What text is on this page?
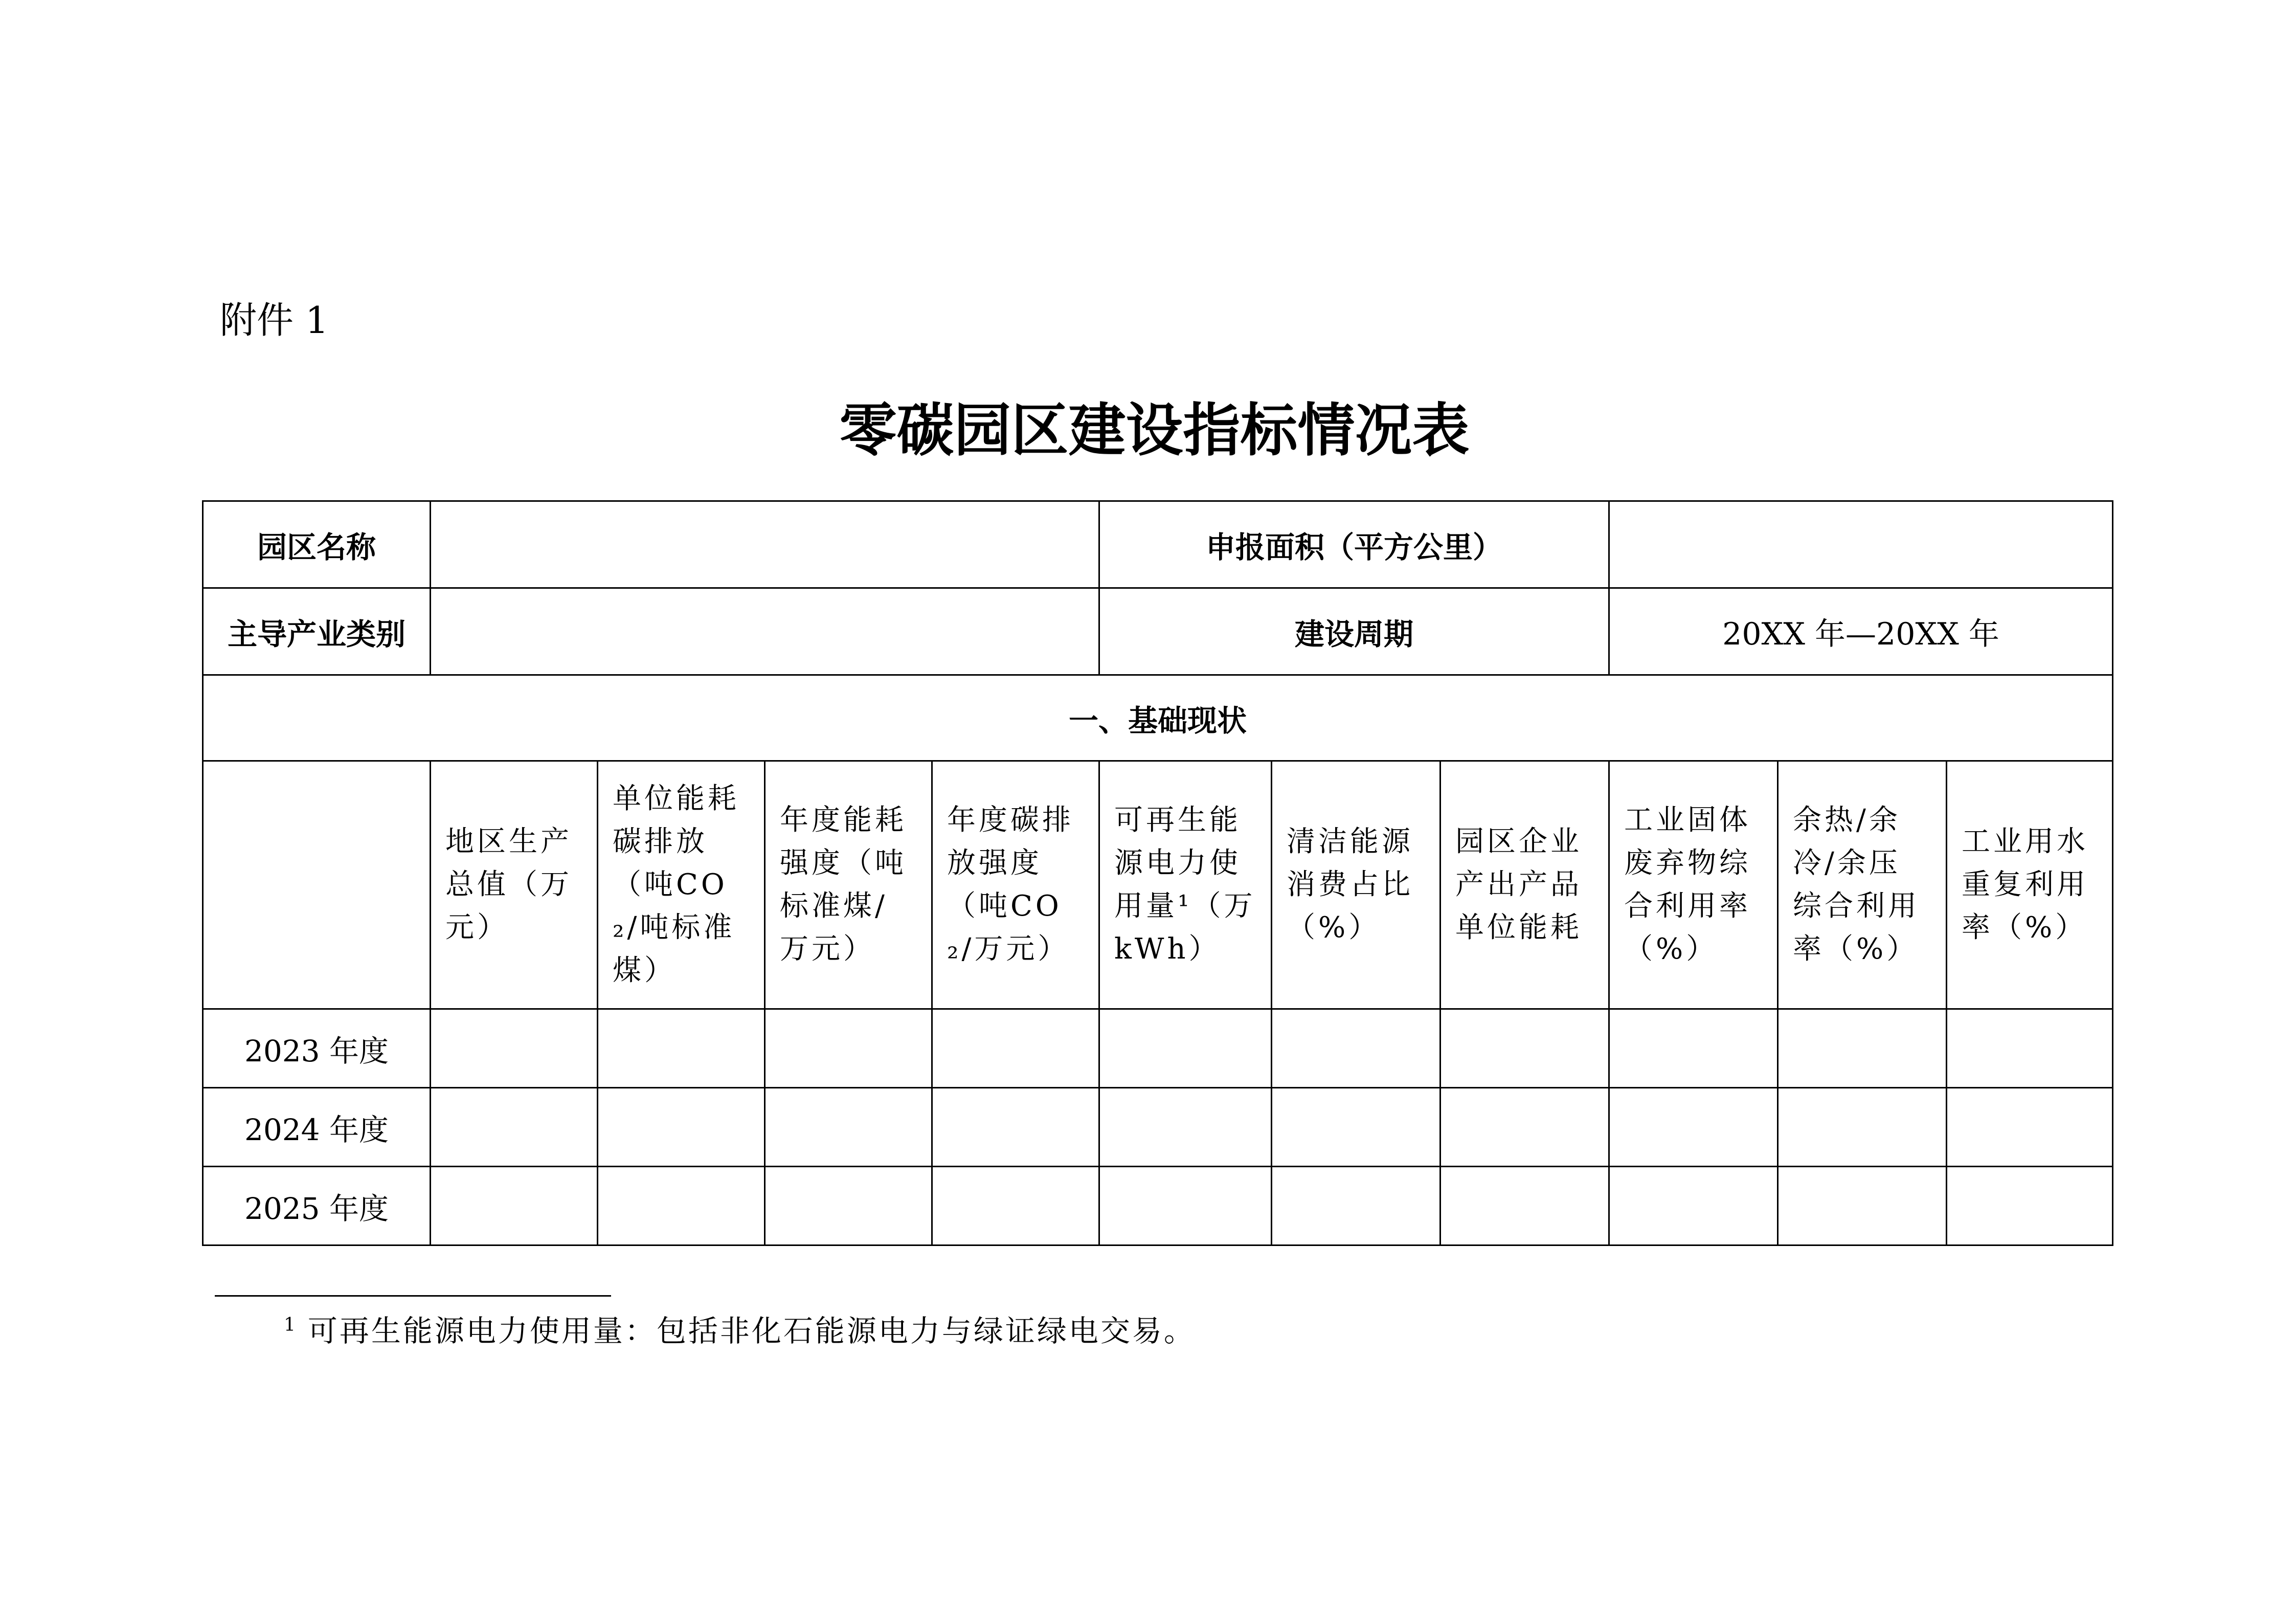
附件 1
零碳园区建设指标情况表
园区名称					申报面积（平方公里）					
主导产业类别					建设周期			20XX 年—20XX 年		
一、基础现状										
	地区生产总值（万元）	单位能耗碳排放（吨CO₂/吨标准煤）	年度能耗强度（吨标准煤/万元）	年度碳排放强度（吨CO₂/万元）	可再生能源电力使用量¹（万kWh）	清洁能源消费占比（%）	园区企业产出产品单位能耗	工业固体废弃物综合利用率（%）	余热/余冷/余压综合利用率（%）	工业用水重复利用率（%）
2023 年度										
2024 年度										
2025 年度										
$^1$ 可再生能源电力使用量：包括非化石能源电力与绿证绿电交易。
